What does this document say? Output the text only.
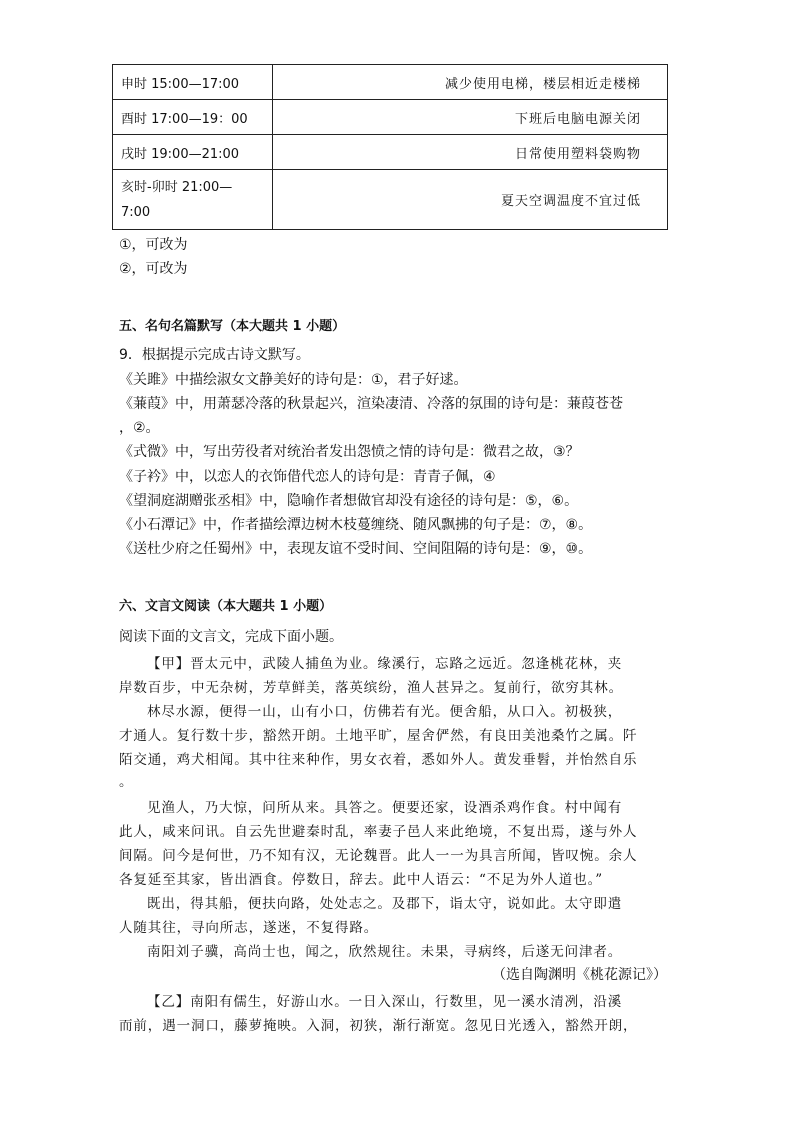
申时 15:00—17:00	减少使用电梯，楼层相近走楼梯
酉时 17:00—19：00	下班后电脑电源关闭
戌时 19:00—21:00	日常使用塑料袋购物
亥时-卯时 21:00—
7:00	夏天空调温度不宜过低
①，可改为
②，可改为
五、名句名篇默写（本大题共 1 小题）
9．根据提示完成古诗文默写。
《关雎》中描绘淑女文静美好的诗句是：①，君子好逑。
《蒹葭》中，用萧瑟冷落的秋景起兴，渲染凄清、冷落的氛围的诗句是：蒹葭苍苍
，②。
《式微》中，写出劳役者对统治者发出怨愤之情的诗句是：微君之故，③？
《子衿》中，以恋人的衣饰借代恋人的诗句是：青青子佩，④
《望洞庭湖赠张丞相》中，隐喻作者想做官却没有途径的诗句是：⑤，⑥。
《小石潭记》中，作者描绘潭边树木枝蔓缠绕、随风飘拂的句子是：⑦，⑧。
《送杜少府之任蜀州》中，表现友谊不受时间、空间阻隔的诗句是：⑨，⑩。
六、文言文阅读（本大题共 1 小题）
阅读下面的文言文，完成下面小题。
【甲】晋太元中，武陵人捕鱼为业。缘溪行，忘路之远近。忽逢桃花林，夹
岸数百步，中无杂树，芳草鲜美，落英缤纷，渔人甚异之。复前行，欲穷其林。
林尽水源，便得一山，山有小口，仿佛若有光。便舍船，从口入。初极狭，
才通人。复行数十步，豁然开朗。土地平旷，屋舍俨然，有良田美池桑竹之属。阡
陌交通，鸡犬相闻。其中往来种作，男女衣着，悉如外人。黄发垂髫，并怡然自乐
。
见渔人，乃大惊，问所从来。具答之。便要还家，设酒杀鸡作食。村中闻有
此人，咸来问讯。自云先世避秦时乱，率妻子邑人来此绝境，不复出焉，遂与外人
间隔。问今是何世，乃不知有汉，无论魏晋。此人一一为具言所闻，皆叹惋。余人
各复延至其家，皆出酒食。停数日，辞去。此中人语云：“不足为外人道也。”
既出，得其船，便扶向路，处处志之。及郡下，诣太守，说如此。太守即遣
人随其往，寻向所志，遂迷，不复得路。
南阳刘子骥，高尚士也，闻之，欣然规往。未果，寻病终，后遂无问津者。
（选自陶渊明《桃花源记》）
【乙】南阳有儒生，好游山水。一日入深山，行数里，见一溪水清冽，沿溪
而前，遇一洞口，藤萝掩映。入洞，初狭，渐行渐宽。忽见日光透入，豁然开朗，
